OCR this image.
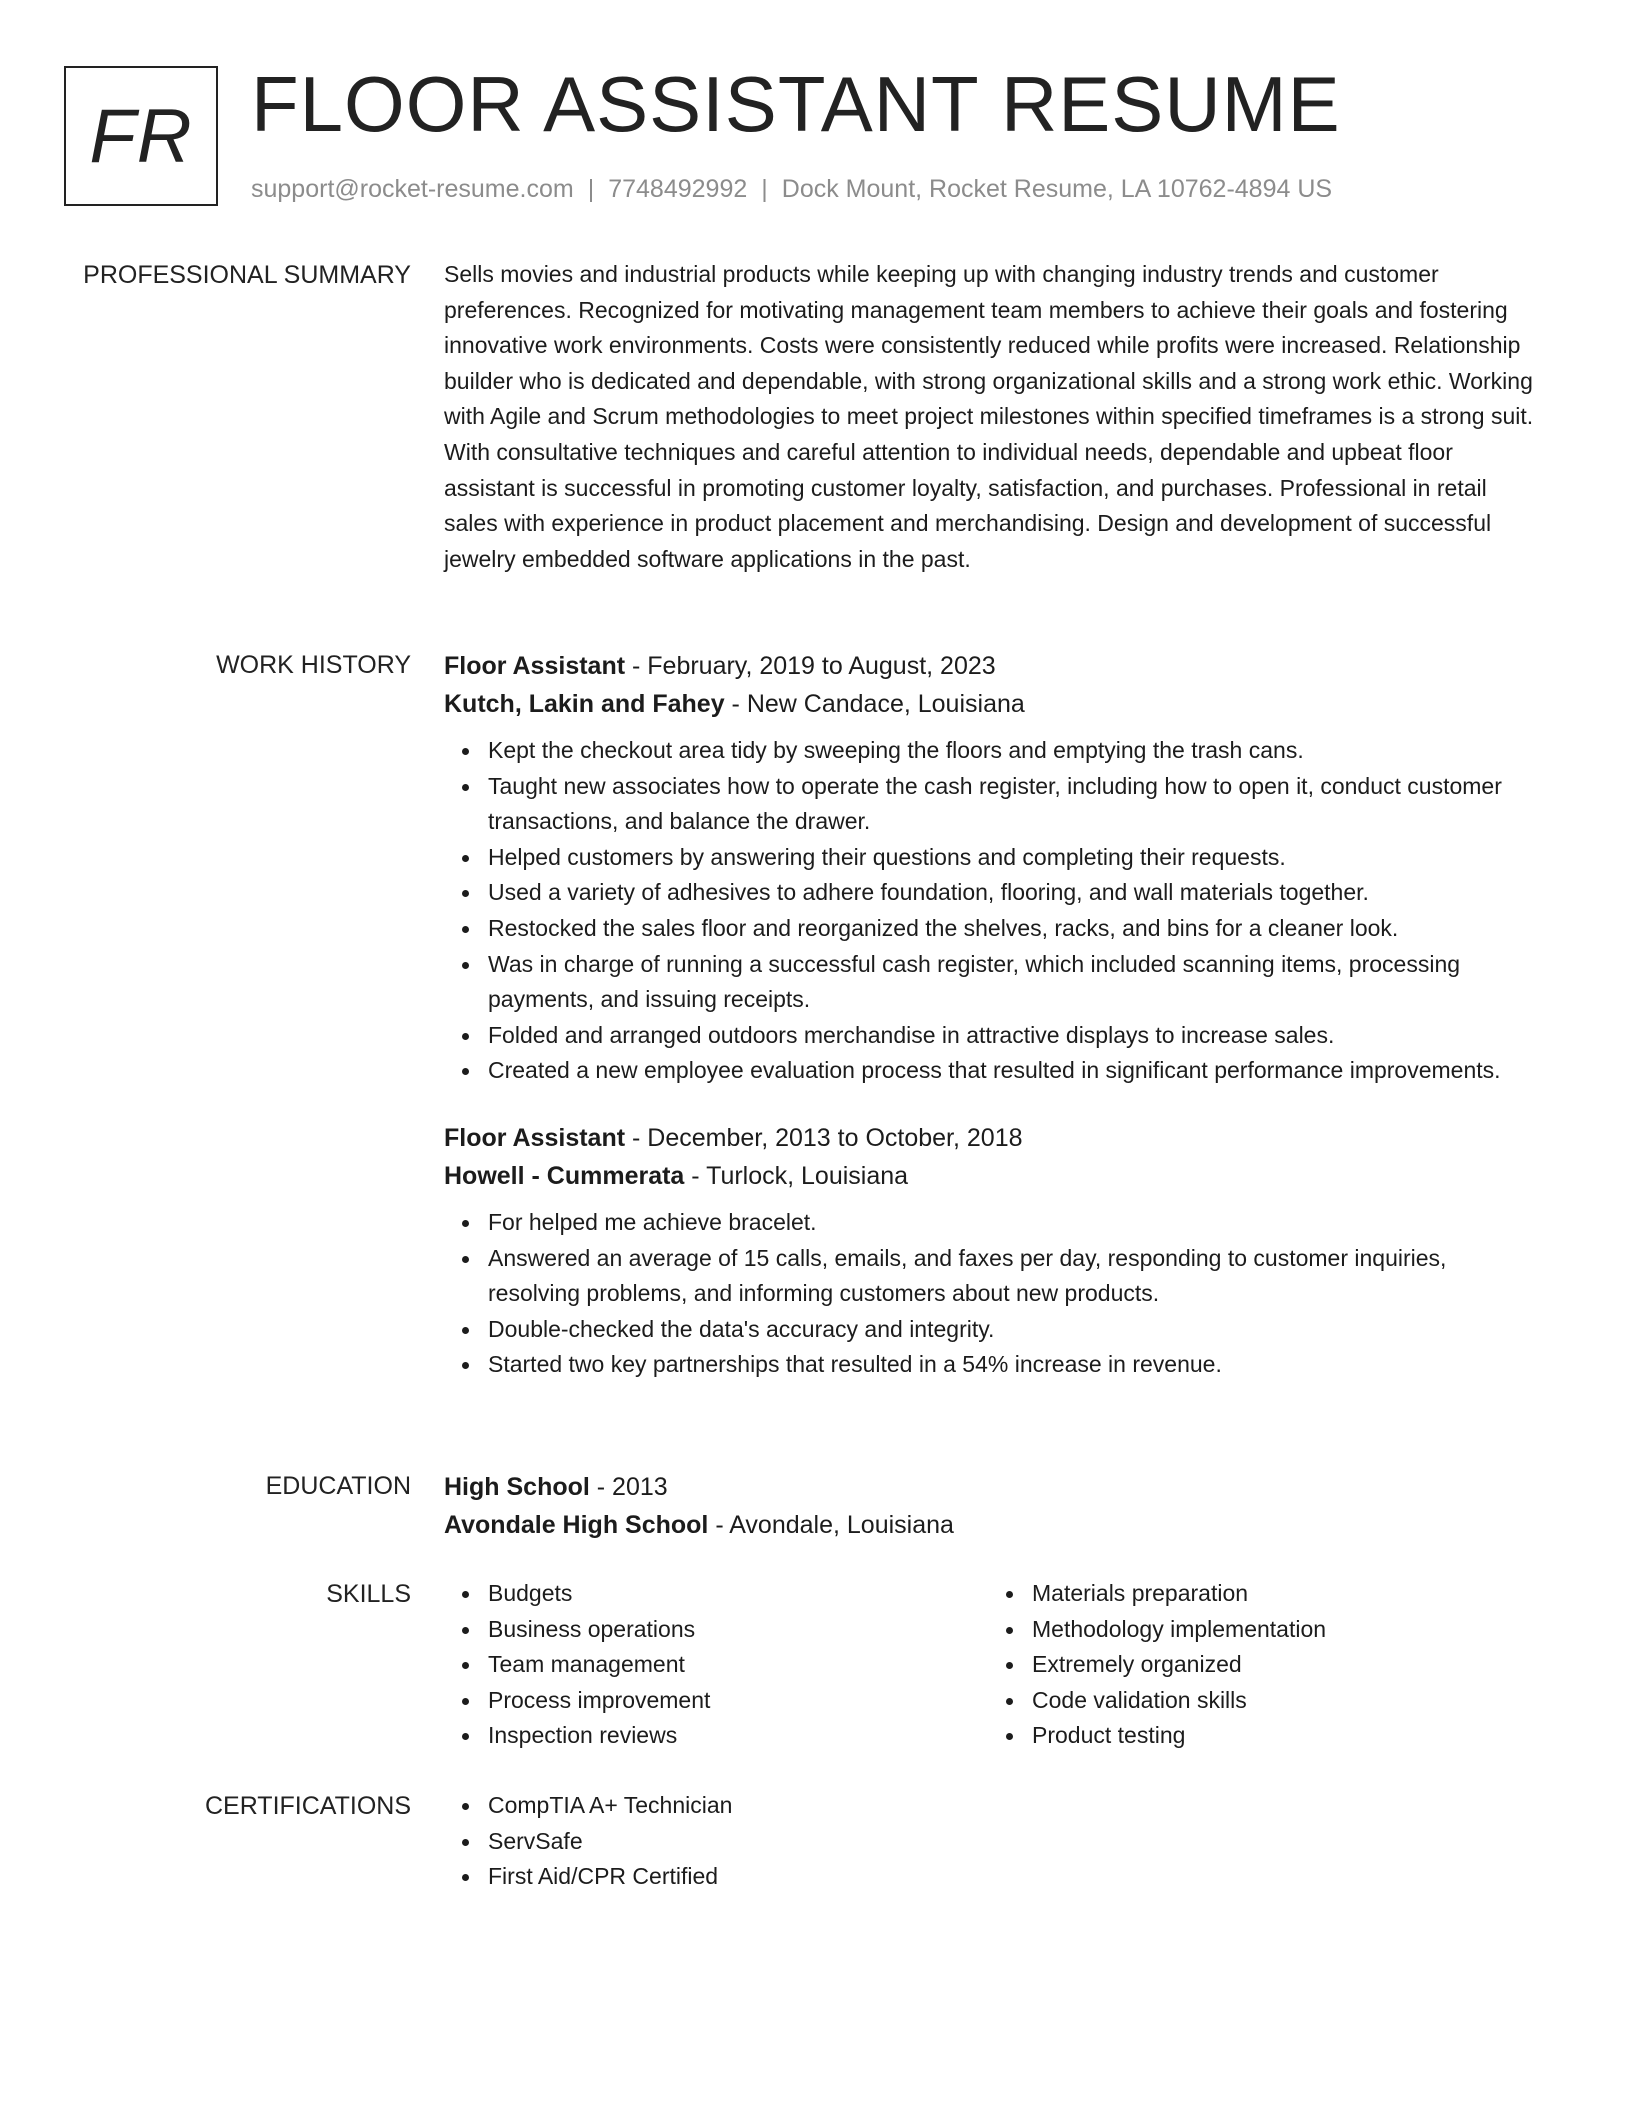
FR FLOOR ASSISTANT RESUME
support@rocket-resume.com | 7748492992 | Dock Mount, Rocket Resume, LA 10762-4894 US
PROFESSIONAL SUMMARY Sells movies and industrial products while keeping up with changing industry trends and customer preferences. Recognized for motivating management team members to achieve their goals and fostering innovative work environments. Costs were consistently reduced while profits were increased. Relationship builder who is dedicated and dependable, with strong organizational skills and a strong work ethic. Working with Agile and Scrum methodologies to meet project milestones within specified timeframes is a strong suit. With consultative techniques and careful attention to individual needs, dependable and upbeat floor assistant is successful in promoting customer loyalty, satisfaction, and purchases. Professional in retail sales with experience in product placement and merchandising. Design and development of successful jewelry embedded software applications in the past.

WORK HISTORY Floor Assistant - February, 2019 to August, 2023
Kutch, Lakin and Fahey - New Candace, Louisiana
Kept the checkout area tidy by sweeping the floors and emptying the trash cans.
Taught new associates how to operate the cash register, including how to open it, conduct customer transactions, and balance the drawer.
Helped customers by answering their questions and completing their requests.
Used a variety of adhesives to adhere foundation, flooring, and wall materials together.
Restocked the sales floor and reorganized the shelves, racks, and bins for a cleaner look.
Was in charge of running a successful cash register, which included scanning items, processing payments, and issuing receipts.
Folded and arranged outdoors merchandise in attractive displays to increase sales.
Created a new employee evaluation process that resulted in significant performance improvements.
Floor Assistant - December, 2013 to October, 2018
Howell - Cummerata - Turlock, Louisiana
For helped me achieve bracelet.
Answered an average of 15 calls, emails, and faxes per day, responding to customer inquiries, resolving problems, and informing customers about new products.
Double-checked the data's accuracy and integrity.
Started two key partnerships that resulted in a 54% increase in revenue.
EDUCATION High School - 2013
Avondale High School - Avondale, Louisiana
SKILLS	Budgets
Business operations
Team management
Process improvement
Inspection reviews
Materials preparation
Methodology implementation
Extremely organized
Code validation skills
Product testing
CERTIFICATIONS	CompTIA A+ Technician
ServSafe
First Aid/CPR Certified
